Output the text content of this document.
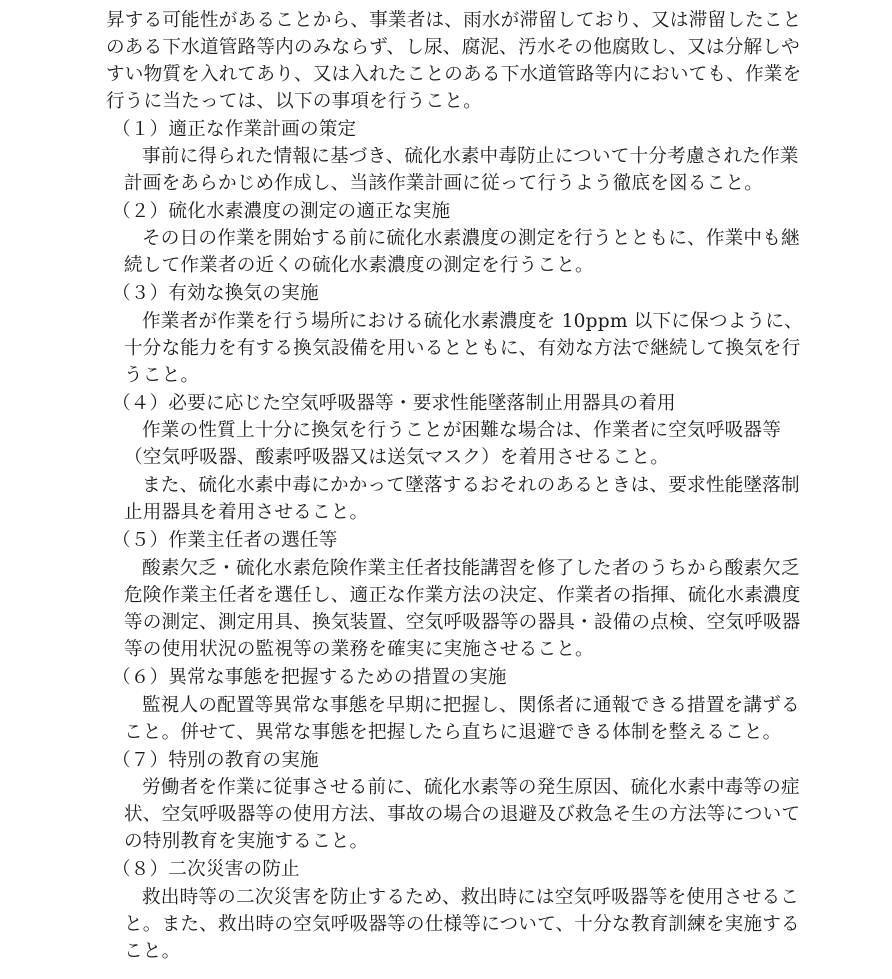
昇する可能性があることから、事業者は、雨水が滞留しており、又は滞留したこと
のある下水道管路等内のみならず、し尿、腐泥、汚水その他腐敗し、又は分解しや
すい物質を入れてあり、又は入れたことのある下水道管路等内においても、作業を
行うに当たっては、以下の事項を行うこと。
（１）適正な作業計画の策定
事前に得られた情報に基づき、硫化水素中毒防止について十分考慮された作業
計画をあらかじめ作成し、当該作業計画に従って行うよう徹底を図ること。
（２）硫化水素濃度の測定の適正な実施
その日の作業を開始する前に硫化水素濃度の測定を行うとともに、作業中も継
続して作業者の近くの硫化水素濃度の測定を行うこと。
（３）有効な換気の実施
作業者が作業を行う場所における硫化水素濃度を 10ppm 以下に保つように、
十分な能力を有する換気設備を用いるとともに、有効な方法で継続して換気を行
うこと。
（４）必要に応じた空気呼吸器等・要求性能墜落制止用器具の着用
作業の性質上十分に換気を行うことが困難な場合は、作業者に空気呼吸器等
（空気呼吸器、酸素呼吸器又は送気マスク）を着用させること。
また、硫化水素中毒にかかって墜落するおそれのあるときは、要求性能墜落制
止用器具を着用させること。
（５）作業主任者の選任等
酸素欠乏・硫化水素危険作業主任者技能講習を修了した者のうちから酸素欠乏
危険作業主任者を選任し、適正な作業方法の決定、作業者の指揮、硫化水素濃度
等の測定、測定用具、換気装置、空気呼吸器等の器具・設備の点検、空気呼吸器
等の使用状況の監視等の業務を確実に実施させること。
（６）異常な事態を把握するための措置の実施
監視人の配置等異常な事態を早期に把握し、関係者に通報できる措置を講ずる
こと。併せて、異常な事態を把握したら直ちに退避できる体制を整えること。
（７）特別の教育の実施
労働者を作業に従事させる前に、硫化水素等の発生原因、硫化水素中毒等の症
状、空気呼吸器等の使用方法、事故の場合の退避及び救急そ生の方法等について
の特別教育を実施すること。
（８）二次災害の防止
救出時等の二次災害を防止するため、救出時には空気呼吸器等を使用させるこ
と。また、救出時の空気呼吸器等の仕様等について、十分な教育訓練を実施する
こと。
